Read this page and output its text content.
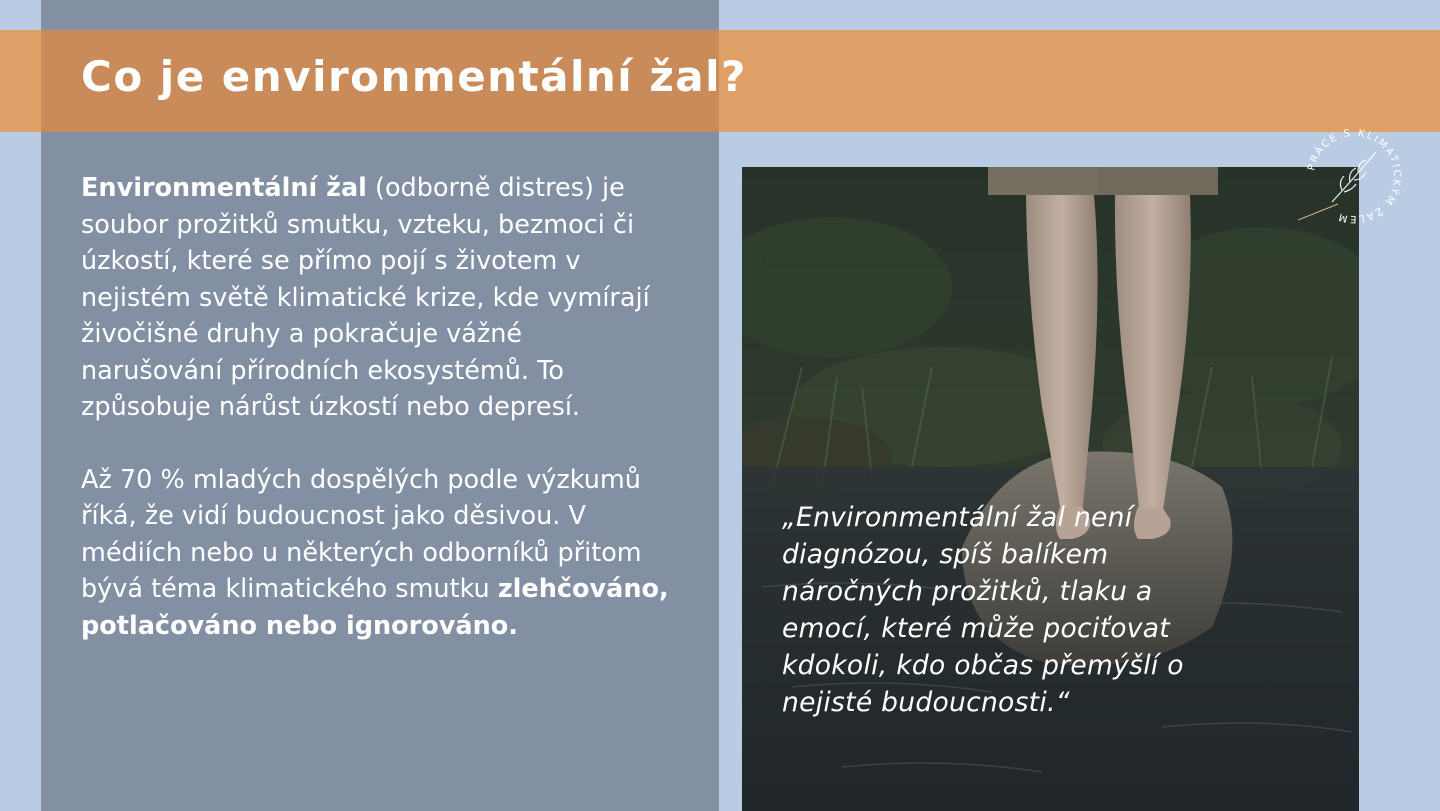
Co je environmentální žal?

Environmentální žal (odborně distres) je soubor prožitků smutku, vzteku, bezmoci či úzkostí, které se přímo pojí s životem v nejistém světě klimatické krize, kde vymírají živočišné druhy a pokračuje vážné narušování přírodních ekosystémů. To způsobuje nárůst úzkostí nebo depresí.

Až 70 % mladých dospělých podle výzkumů říká, že vidí budoucnost jako děsivou. V médiích nebo u některých odborníků přitom bývá téma klimatického smutku zlehčováno, potlačováno nebo ignorováno.

„Environmentální žal není diagnózou, spíš balíkem náročných prožitků, tlaku a emocí, které může pociťovat kdokoli, kdo občas přemýšlí o nejisté budoucnosti.“

PRÁCE S KLIMATICKÝM ŽALEM
